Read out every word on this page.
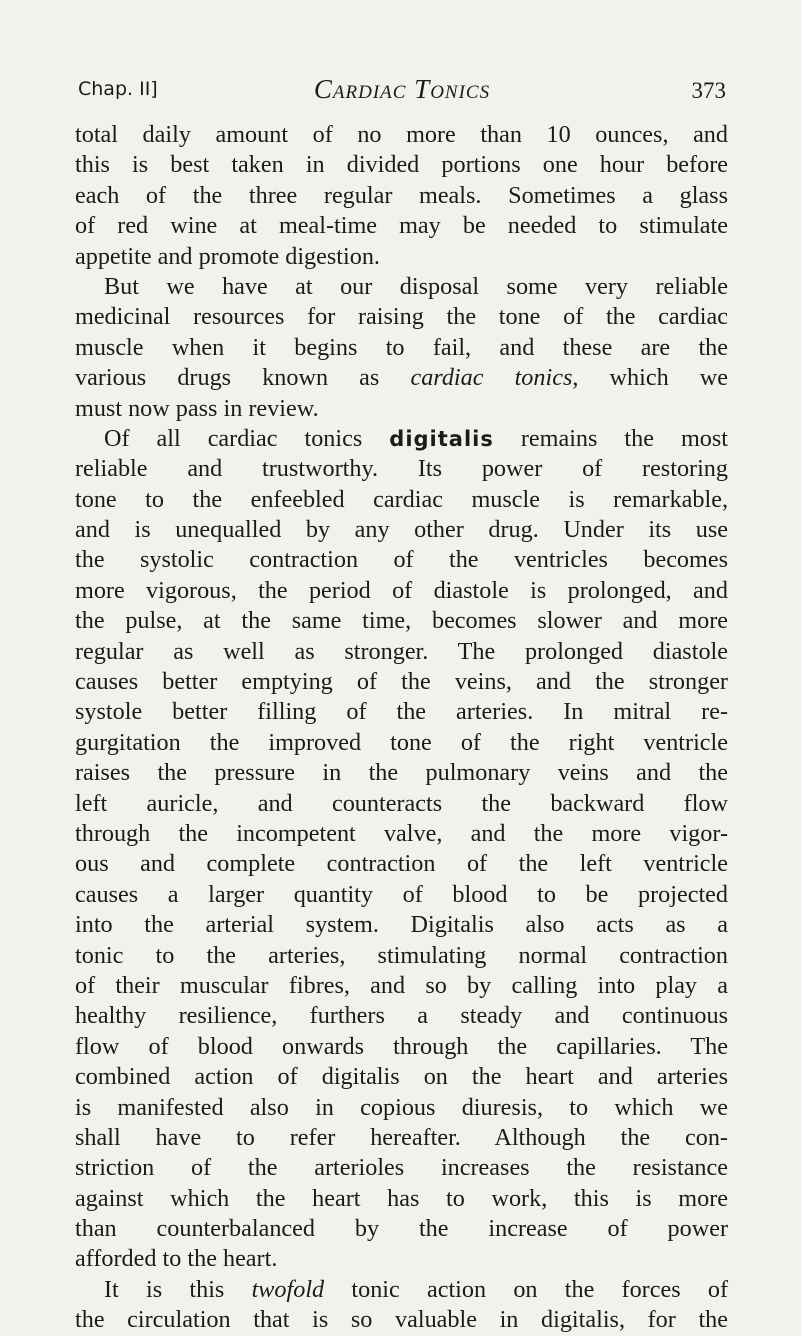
Chap. II]	Cardiac Tonics	373
total daily amount of no more than 10 ounces, and
this is best taken in divided portions one hour before
each of the three regular meals. Sometimes a glass
of red wine at meal-time may be needed to stimulate
appetite and promote digestion.
But we have at our disposal some very reliable
medicinal resources for raising the tone of the cardiac
muscle when it begins to fail, and these are the
various drugs known as cardiac tonics, which we
must now pass in review.
Of all cardiac tonics digitalis remains the most
reliable and trustworthy. Its power of restoring
tone to the enfeebled cardiac muscle is remarkable,
and is unequalled by any other drug. Under its use
the systolic contraction of the ventricles becomes
more vigorous, the period of diastole is prolonged, and
the pulse, at the same time, becomes slower and more
regular as well as stronger. The prolonged diastole
causes better emptying of the veins, and the stronger
systole better filling of the arteries. In mitral re-
gurgitation the improved tone of the right ventricle
raises the pressure in the pulmonary veins and the
left auricle, and counteracts the backward flow
through the incompetent valve, and the more vigor-
ous and complete contraction of the left ventricle
causes a larger quantity of blood to be projected
into the arterial system. Digitalis also acts as a
tonic to the arteries, stimulating normal contraction
of their muscular fibres, and so by calling into play a
healthy resilience, furthers a steady and continuous
flow of blood onwards through the capillaries. The
combined action of digitalis on the heart and arteries
is manifested also in copious diuresis, to which we
shall have to refer hereafter. Although the con-
striction of the arterioles increases the resistance
against which the heart has to work, this is more
than counterbalanced by the increase of power
afforded to the heart.
It is this twofold tonic action on the forces of
the circulation that is so valuable in digitalis, for the
